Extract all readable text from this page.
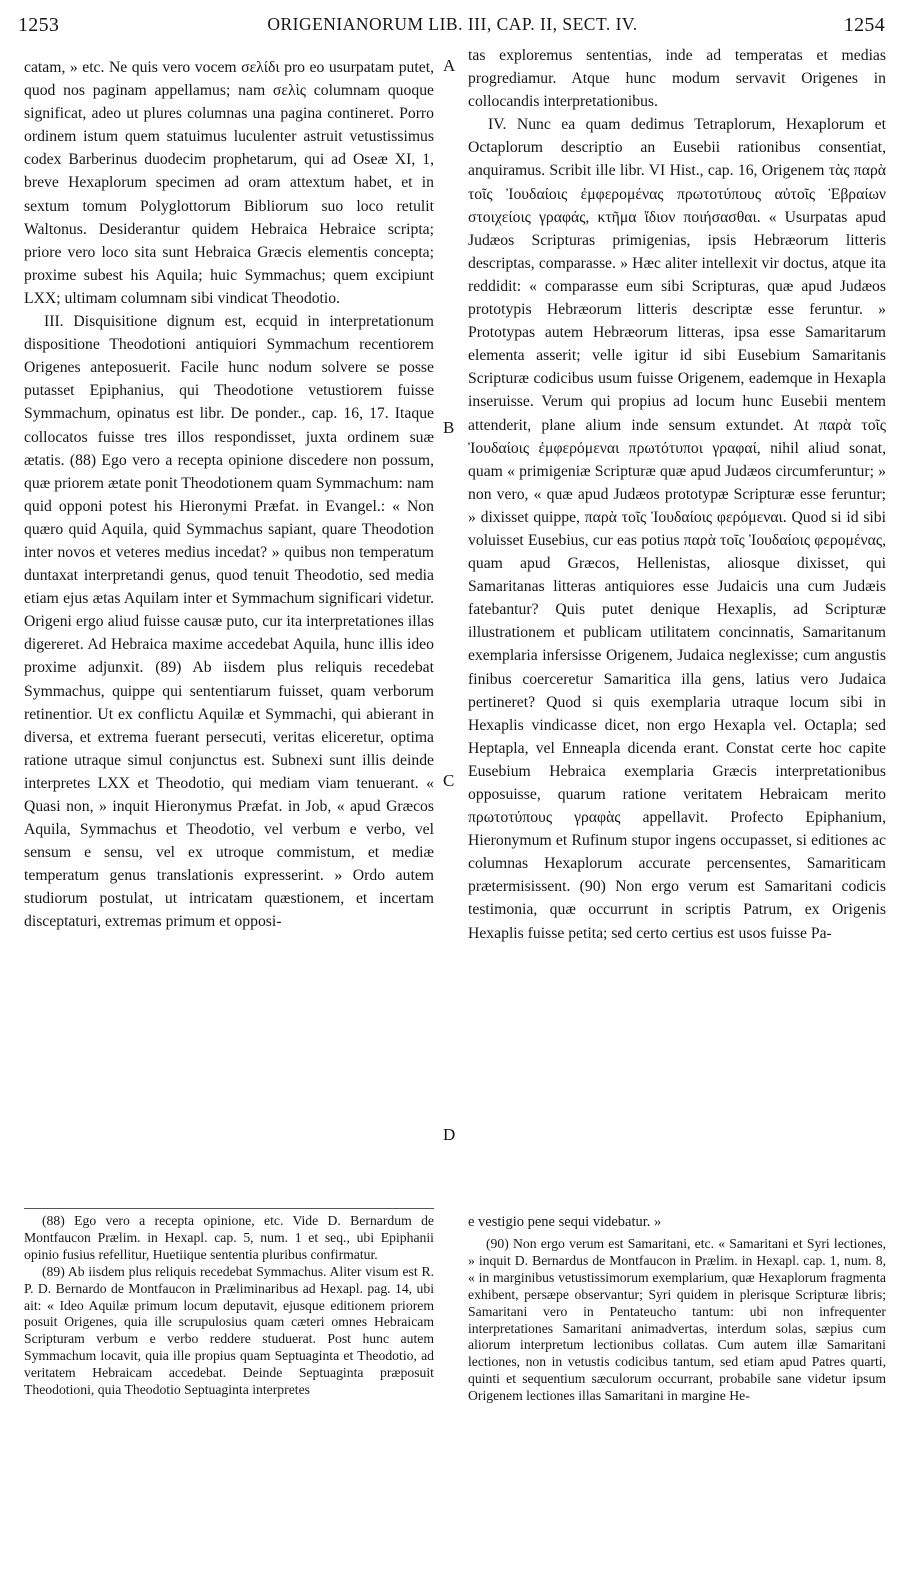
1253	ORIGENIANORUM LIB. III, CAP. II, SECT. IV.	1254

catam, » etc. Ne quis vero vocem σελίδι pro eo usurpatam putet, quod nos paginam appellamus; nam σελὶς columnam quoque significat, adeo ut plures columnas una pagina contineret. Porro ordinem istum quem statuimus luculenter astruit vetustissimus codex Barberinus duodecim prophetarum, qui ad Oseæ XI, 1, breve Hexaplorum specimen ad oram attextum habet, et in sextum tomum Polyglottorum Bibliorum suo loco retulit Waltonus. Desiderantur quidem Hebraica Hebraice scripta; priore vero loco sita sunt Hebraica Græcis elementis concepta; proxime subest his Aquila; huic Symmachus; quem excipiunt LXX; ultimam columnam sibi vindicat Theodotio.

III. Disquisitione dignum est, ecquid in interpretationum dispositione Theodotioni antiquiori Symmachum recentiorem Origenes anteposuerit. Facile hunc nodum solvere se posse putasset Epiphanius, qui Theodotione vetustiorem fuisse Symmachum, opinatus est libr. De ponder., cap. 16, 17. Itaque collocatos fuisse tres illos respondisset, juxta ordinem suæ ætatis. (88) Ego vero a recepta opinione discedere non possum, quæ priorem ætate ponit Theodotionem quam Symmachum: nam quid opponi potest his Hieronymi Præfat. in Evangel.: « Non quæro quid Aquila, quid Symmachus sapiant, quare Theodotion inter novos et veteres medius incedat? » quibus non temperatum duntaxat interpretandi genus, quod tenuit Theodotio, sed media etiam ejus ætas Aquilam inter et Symmachum significari videtur. Origeni ergo aliud fuisse causæ puto, cur ita interpretationes illas digereret. Ad Hebraica maxime accedebat Aquila, hunc illis ideo proxime adjunxit. (89) Ab iisdem plus reliquis recedebat Symmachus, quippe qui sententiarum fuisset, quam verborum retinentior. Ut ex conflictu Aquilæ et Symmachi, qui abierant in diversa, et extrema fuerant persecuti, veritas eliceretur, optima ratione utraque simul conjunctus est. Subnexi sunt illis deinde interpretes LXX et Theodotio, qui mediam viam tenuerant. « Quasi non, » inquit Hieronymus Præfat. in Job, « apud Græcos Aquila, Symmachus et Theodotio, vel verbum e verbo, vel sensum e sensu, vel ex utroque commistum, et mediæ temperatum genus translationis expresserint. » Ordo autem studiorum postulat, ut intricatam quæstionem, et incertam disceptaturi, extremas primum et opposi-

A
B
C
D

tas exploremus sententias, inde ad temperatas et medias progrediamur. Atque hunc modum servavit Origenes in collocandis interpretationibus.

IV. Nunc ea quam dedimus Tetraplorum, Hexaplorum et Octaplorum descriptio an Eusebii rationibus consentiat, anquiramus. Scribit ille libr. VI Hist., cap. 16, Origenem τὰς παρὰ τοῖς Ἰουδαίοις ἐμφερομένας πρωτοτύπους αὐτοῖς Ἑβραίων στοιχείοις γραφάς, κτῆμα ἴδιον ποιήσασθαι. « Usurpatas apud Judæos Scripturas primigenias, ipsis Hebræorum litteris descriptas, comparasse. » Hæc aliter intellexit vir doctus, atque ita reddidit: « comparasse eum sibi Scripturas, quæ apud Judæos prototypis Hebræorum litteris descriptæ esse feruntur. » Prototypas autem Hebræorum litteras, ipsa esse Samaritarum elementa asserit; velle igitur id sibi Eusebium Samaritanis Scripturæ codicibus usum fuisse Origenem, eademque in Hexapla inseruisse. Verum qui propius ad locum hunc Eusebii mentem attenderit, plane alium inde sensum extundet. At παρὰ τοῖς Ἰουδαίοις ἐμφερόμεναι πρωτότυποι γραφαί, nihil aliud sonat, quam « primigeniæ Scripturæ quæ apud Judæos circumferuntur; » non vero, « quæ apud Judæos prototypæ Scripturæ esse feruntur; » dixisset quippe, παρὰ τοῖς Ἰουδαίοις φερόμεναι. Quod si id sibi voluisset Eusebius, cur eas potius παρὰ τοῖς Ἰουδαίοις φερομένας, quam apud Græcos, Hellenistas, aliosque dixisset, qui Samaritanas litteras antiquiores esse Judaicis una cum Judæis fatebantur? Quis putet denique Hexaplis, ad Scripturæ illustrationem et publicam utilitatem concinnatis, Samaritanum exemplaria infersisse Origenem, Judaica neglexisse; cum angustis finibus coerceretur Samaritica illa gens, latius vero Judaica pertineret? Quod si quis exemplaria utraque locum sibi in Hexaplis vindicasse dicet, non ergo Hexapla vel. Octapla; sed Heptapla, vel Enneapla dicenda erant. Constat certe hoc capite Eusebium Hebraica exemplaria Græcis interpretationibus opposuisse, quarum ratione veritatem Hebraicam merito πρωτοτύπους γραφὰς appellavit. Profecto Epiphanium, Hieronymum et Rufinum stupor ingens occupasset, si editiones ac columnas Hexaplorum accurate percensentes, Samariticam prætermisissent. (90) Non ergo verum est Samaritani codicis testimonia, quæ occurrunt in scriptis Patrum, ex Origenis Hexaplis fuisse petita; sed certo certius est usos fuisse Pa-

(88) Ego vero a recepta opinione, etc. Vide D. Bernardum de Montfaucon Prælim. in Hexapl. cap. 5, num. 1 et seq., ubi Epiphanii opinio fusius refellitur, Huetiique sententia pluribus confirmatur.

(89) Ab iisdem plus reliquis recedebat Symmachus. Aliter visum est R. P. D. Bernardo de Montfaucon in Præliminaribus ad Hexapl. pag. 14, ubi ait: « Ideo Aquilæ primum locum deputavit, ejusque editionem priorem posuit Origenes, quia ille scrupulosius quam cæteri omnes Hebraicam Scripturam verbum e verbo reddere studuerat. Post hunc autem Symmachum locavit, quia ille propius quam Septuaginta et Theodotio, ad veritatem Hebraicam accedebat. Deinde Septuaginta præposuit Theodotioni, quia Theodotio Septuaginta interpretes

e vestigio pene sequi videbatur. »

(90) Non ergo verum est Samaritani, etc. « Samaritani et Syri lectiones, » inquit D. Bernardus de Montfaucon in Prælim. in Hexapl. cap. 1, num. 8, « in marginibus vetustissimorum exemplarium, quæ Hexaplorum fragmenta exhibent, persæpe observantur; Syri quidem in plerisque Scripturæ libris; Samaritani vero in Pentateucho tantum: ubi non infrequenter interpretationes Samaritani animadvertas, interdum solas, sæpius cum aliorum interpretum lectionibus collatas. Cum autem illæ Samaritani lectiones, non in vetustis codicibus tantum, sed etiam apud Patres quarti, quinti et sequentium sæculorum occurrant, probabile sane videtur ipsum Origenem lectiones illas Samaritani in margine He-
